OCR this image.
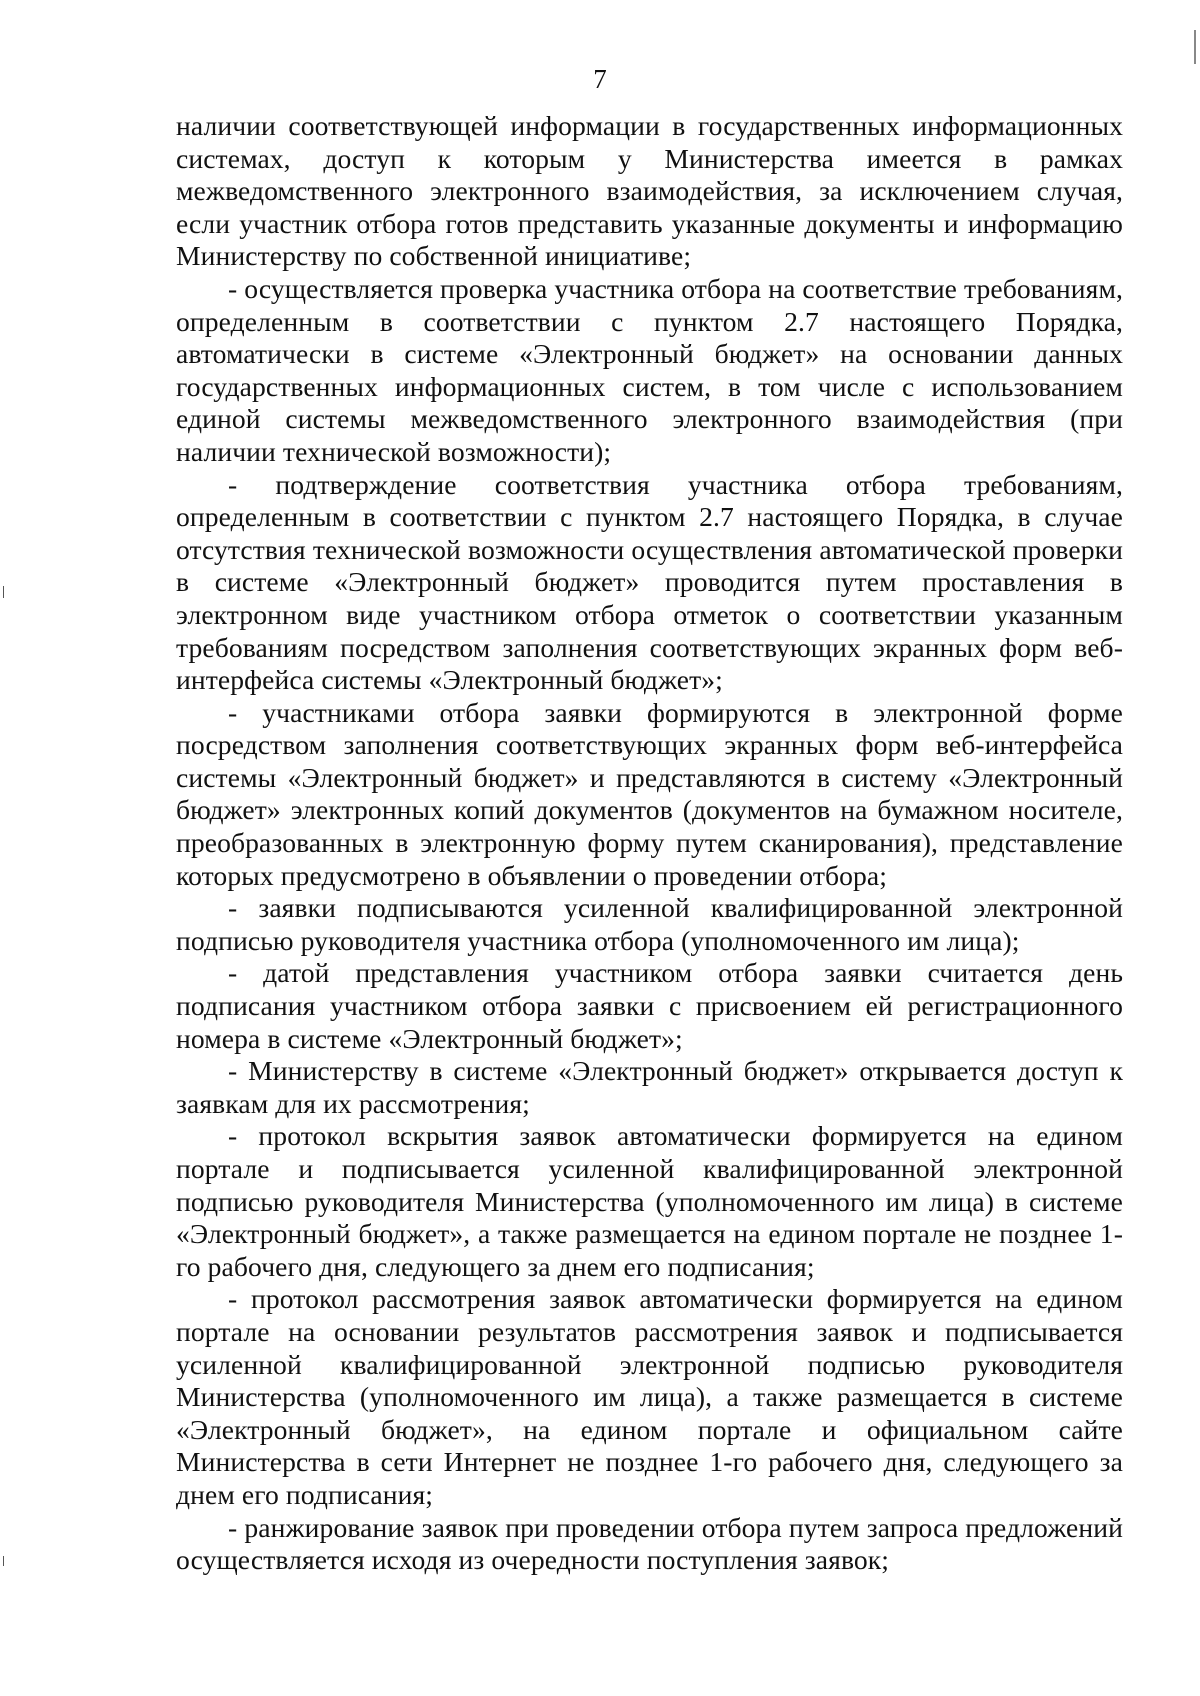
7

наличии соответствующей информации в государственных информационных системах, доступ к которым у Министерства имеется в рамках межведомственного электронного взаимодействия, за исключением случая, если участник отбора готов представить указанные документы и информацию Министерству по собственной инициативе;

- осуществляется проверка участника отбора на соответствие требованиям, определенным в соответствии с пунктом 2.7 настоящего Порядка, автоматически в системе «Электронный бюджет» на основании данных государственных информационных систем, в том числе с использованием единой системы межведомственного электронного взаимодействия (при наличии технической возможности);

- подтверждение соответствия участника отбора требованиям, определенным в соответствии с пунктом 2.7 настоящего Порядка, в случае отсутствия технической возможности осуществления автоматической проверки в системе «Электронный бюджет» проводится путем проставления в электронном виде участником отбора отметок о соответствии указанным требованиям посредством заполнения соответствующих экранных форм веб-интерфейса системы «Электронный бюджет»;

- участниками отбора заявки формируются в электронной форме посредством заполнения соответствующих экранных форм веб-интерфейса системы «Электронный бюджет» и представляются в систему «Электронный бюджет» электронных копий документов (документов на бумажном носителе, преобразованных в электронную форму путем сканирования), представление которых предусмотрено в объявлении о проведении отбора;

- заявки подписываются усиленной квалифицированной электронной подписью руководителя участника отбора (уполномоченного им лица);

- датой представления участником отбора заявки считается день подписания участником отбора заявки с присвоением ей регистрационного номера в системе «Электронный бюджет»;

- Министерству в системе «Электронный бюджет» открывается доступ к заявкам для их рассмотрения;

- протокол вскрытия заявок автоматически формируется на едином портале и подписывается усиленной квалифицированной электронной подписью руководителя Министерства (уполномоченного им лица) в системе «Электронный бюджет», а также размещается на едином портале не позднее 1-го рабочего дня, следующего за днем его подписания;

- протокол рассмотрения заявок автоматически формируется на едином портале на основании результатов рассмотрения заявок и подписывается усиленной квалифицированной электронной подписью руководителя Министерства (уполномоченного им лица), а также размещается в системе «Электронный бюджет», на едином портале и официальном сайте Министерства в сети Интернет не позднее 1-го рабочего дня, следующего за днем его подписания;

- ранжирование заявок при проведении отбора путем запроса предложений осуществляется исходя из очередности поступления заявок;
